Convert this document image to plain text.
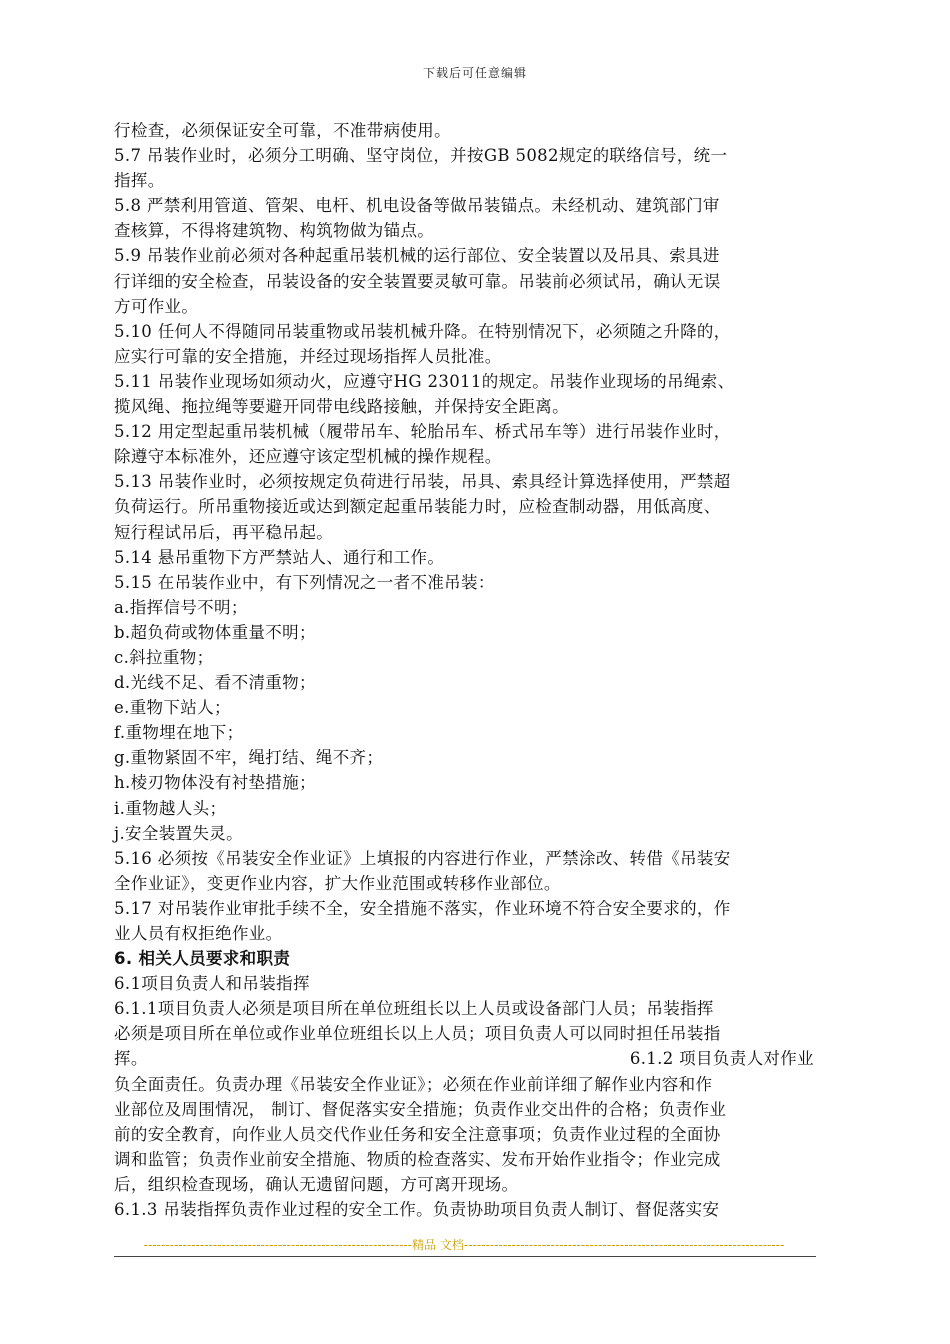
下载后可任意编辑
行检查，必须保证安全可靠，不准带病使用。
5.7 吊装作业时，必须分工明确、坚守岗位，并按GB 5082规定的联络信号，统一
指挥。
5.8 严禁利用管道、管架、电杆、机电设备等做吊装锚点。未经机动、建筑部门审
查核算，不得将建筑物、构筑物做为锚点。
5.9 吊装作业前必须对各种起重吊装机械的运行部位、安全装置以及吊具、索具进
行详细的安全检查，吊装设备的安全装置要灵敏可靠。吊装前必须试吊，确认无误
方可作业。
5.10 任何人不得随同吊装重物或吊装机械升降。在特别情况下，必须随之升降的，
应实行可靠的安全措施，并经过现场指挥人员批准。
5.11 吊装作业现场如须动火，应遵守HG 23011的规定。吊装作业现场的吊绳索、
揽风绳、拖拉绳等要避开同带电线路接触，并保持安全距离。
5.12 用定型起重吊装机械（履带吊车、轮胎吊车、桥式吊车等）进行吊装作业时，
除遵守本标准外，还应遵守该定型机械的操作规程。
5.13 吊装作业时，必须按规定负荷进行吊装，吊具、索具经计算选择使用，严禁超
负荷运行。所吊重物接近或达到额定起重吊装能力时，应检查制动器，用低高度、
短行程试吊后，再平稳吊起。
5.14 悬吊重物下方严禁站人、通行和工作。
5.15 在吊装作业中，有下列情况之一者不准吊装：
a.指挥信号不明；
b.超负荷或物体重量不明；
c.斜拉重物；
d.光线不足、看不清重物；
e.重物下站人；
f.重物埋在地下；
g.重物紧固不牢，绳打结、绳不齐；
h.棱刃物体没有衬垫措施；
i.重物越人头；
j.安全装置失灵。
5.16 必须按《吊装安全作业证》上填报的内容进行作业，严禁涂改、转借《吊装安
全作业证》，变更作业内容，扩大作业范围或转移作业部位。
5.17 对吊装作业审批手续不全，安全措施不落实，作业环境不符合安全要求的，作
业人员有权拒绝作业。
6. 相关人员要求和职责
6.1项目负责人和吊装指挥
6.1.1项目负责人必须是项目所在单位班组长以上人员或设备部门人员；吊装指挥
必须是项目所在单位或作业单位班组长以上人员；项目负责人可以同时担任吊装指
挥。	6.1.2 项目负责人对作业
负全面责任。负责办理《吊装安全作业证》；必须在作业前详细了解作业内容和作
业部位及周围情况， 制订、督促落实安全措施；负责作业交出件的合格；负责作业
前的安全教育，向作业人员交代作业任务和安全注意事项；负责作业过程的全面协
调和监管；负责作业前安全措施、物质的检查落实、发布开始作业指令；作业完成
后，组织检查现场，确认无遗留问题，方可离开现场。
6.1.3 吊装指挥负责作业过程的安全工作。负责协助项目负责人制订、督促落实安
--------------------------------------------------------------精品 文档--------------------------------------------------------------------------
